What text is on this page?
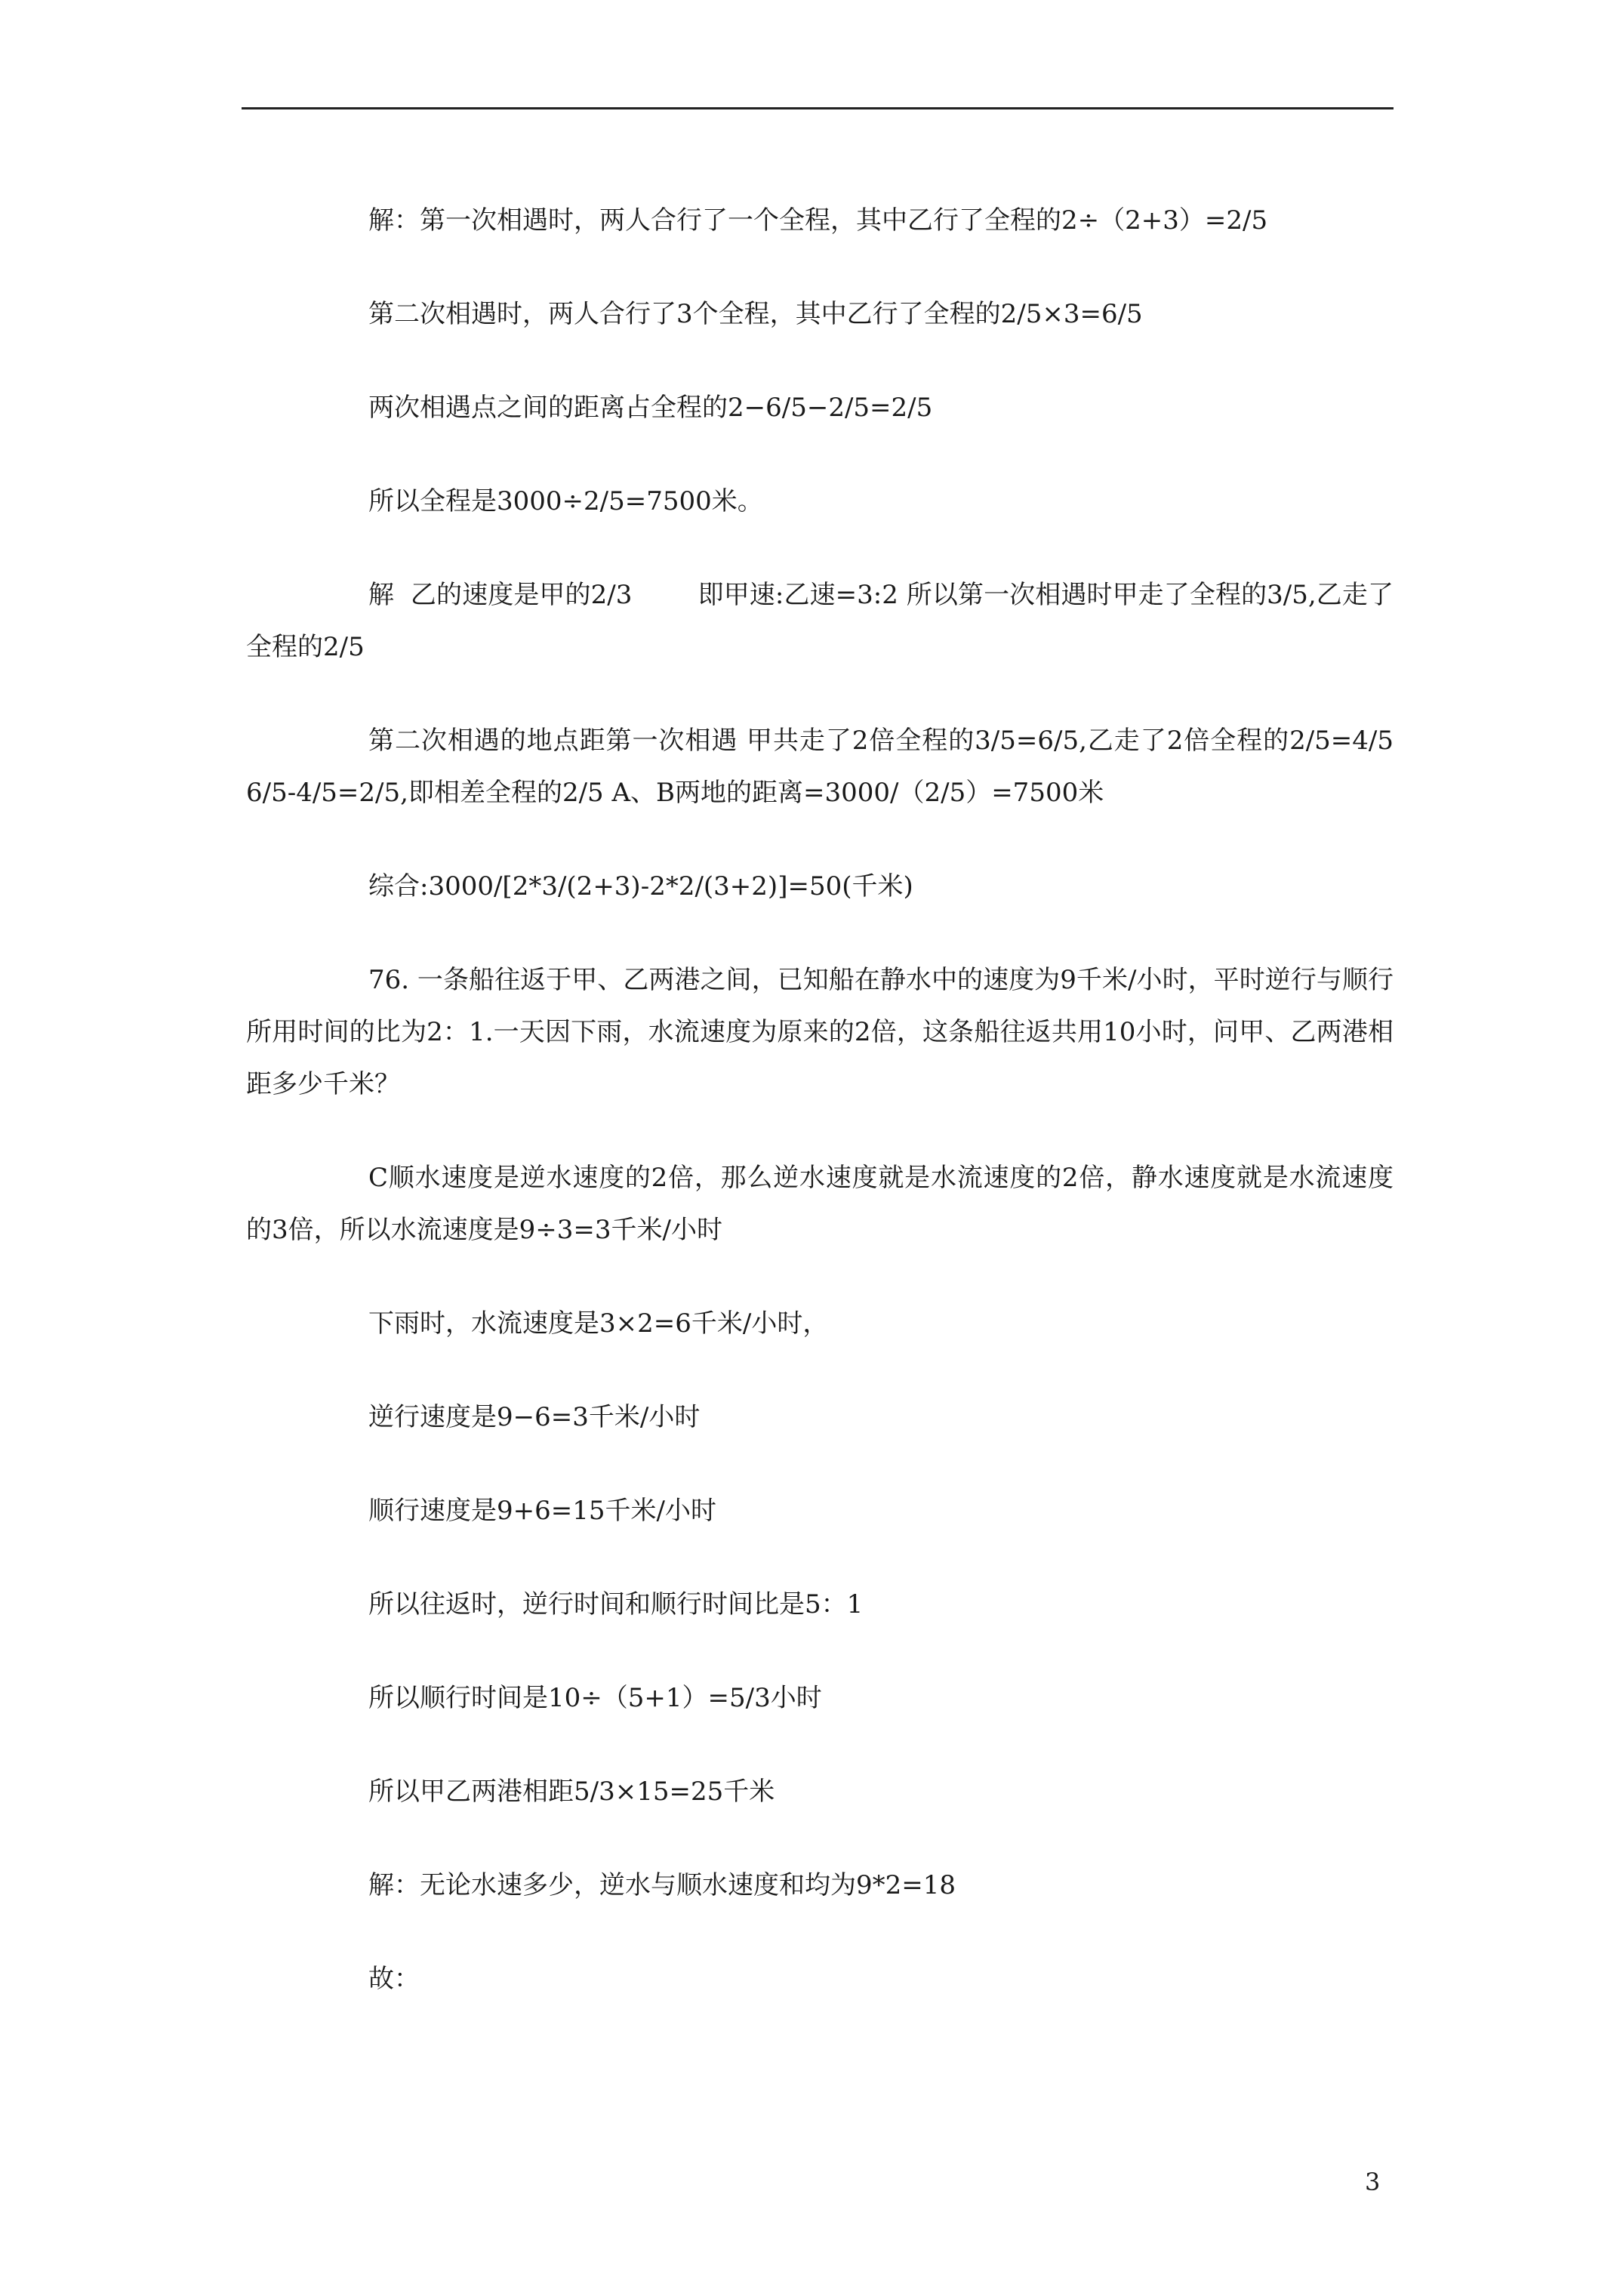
解：第一次相遇时，两人合行了一个全程，其中乙行了全程的2÷（2+3）=2/5

第二次相遇时，两人合行了3个全程，其中乙行了全程的2/5×3=6/5

两次相遇点之间的距离占全程的2−6/5−2/5=2/5

所以全程是3000÷2/5=7500米。

解  乙的速度是甲的2/3        即甲速:乙速=3:2 所以第一次相遇时甲走了全程的3/5,乙走了全程的2/5

第二次相遇的地点距第一次相遇 甲共走了2倍全程的3/5=6/5,乙走了2倍全程的2/5=4/5 6/5-4/5=2/5,即相差全程的2/5 A、B两地的距离=3000/（2/5）=7500米

综合:3000/[2*3/(2+3)-2*2/(3+2)]=50(千米)

76. 一条船往返于甲、乙两港之间，已知船在静水中的速度为9千米/小时，平时逆行与顺行所用时间的比为2：1.一天因下雨，水流速度为原来的2倍，这条船往返共用10小时，问甲、乙两港相距多少千米？

C顺水速度是逆水速度的2倍，那么逆水速度就是水流速度的2倍，静水速度就是水流速度的3倍，所以水流速度是9÷3=3千米/小时

下雨时，水流速度是3×2=6千米/小时，

逆行速度是9−6=3千米/小时

顺行速度是9+6=15千米/小时

所以往返时，逆行时间和顺行时间比是5：1

所以顺行时间是10÷（5+1）=5/3小时

所以甲乙两港相距5/3×15=25千米

解：无论水速多少，逆水与顺水速度和均为9*2=18

故：

3
